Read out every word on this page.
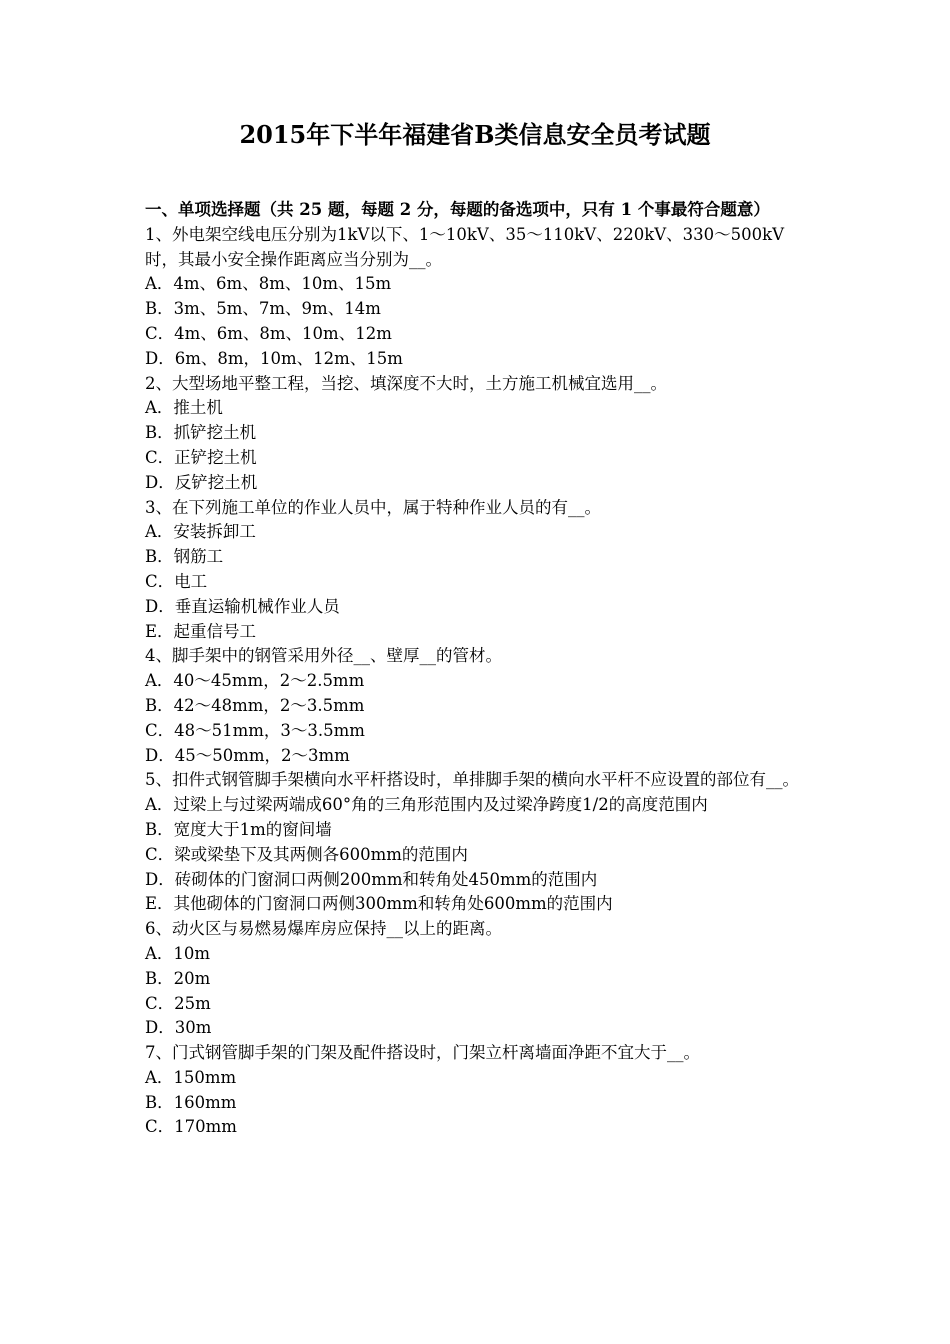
2015年下半年福建省B类信息安全员考试题

一、单项选择题（共 25 题，每题 2 分，每题的备选项中，只有 1 个事最符合题意）

1、外电架空线电压分别为1kV以下、1～10kV、35～110kV、220kV、330～500kV时，其最小安全操作距离应当分别为__。

A．4m、6m、8m、10m、15m

B．3m、5m、7m、9m、14m

C．4m、6m、8m、10m、12m

D．6m、8m，10m、12m、15m

2、大型场地平整工程，当挖、填深度不大时，土方施工机械宜选用__。

A．推土机

B．抓铲挖土机

C．正铲挖土机

D．反铲挖土机

3、在下列施工单位的作业人员中，属于特种作业人员的有__。

A．安装拆卸工

B．钢筋工

C．电工

D．垂直运输机械作业人员

E．起重信号工

4、脚手架中的钢管采用外径__、壁厚__的管材。

A．40～45mm，2～2.5mm

B．42～48mm，2～3.5mm

C．48～51mm，3～3.5mm

D．45～50mm，2～3mm

5、扣件式钢管脚手架横向水平杆搭设时，单排脚手架的横向水平杆不应设置的部位有__。

A．过梁上与过梁两端成60°角的三角形范围内及过梁净跨度1/2的高度范围内

B．宽度大于1m的窗间墙

C．梁或梁垫下及其两侧各600mm的范围内

D．砖砌体的门窗洞口两侧200mm和转角处450mm的范围内

E．其他砌体的门窗洞口两侧300mm和转角处600mm的范围内

6、动火区与易燃易爆库房应保持__以上的距离。

A．10m

B．20m

C．25m

D．30m

7、门式钢管脚手架的门架及配件搭设时，门架立杆离墙面净距不宜大于__。

A．150mm

B．160mm

C．170mm
